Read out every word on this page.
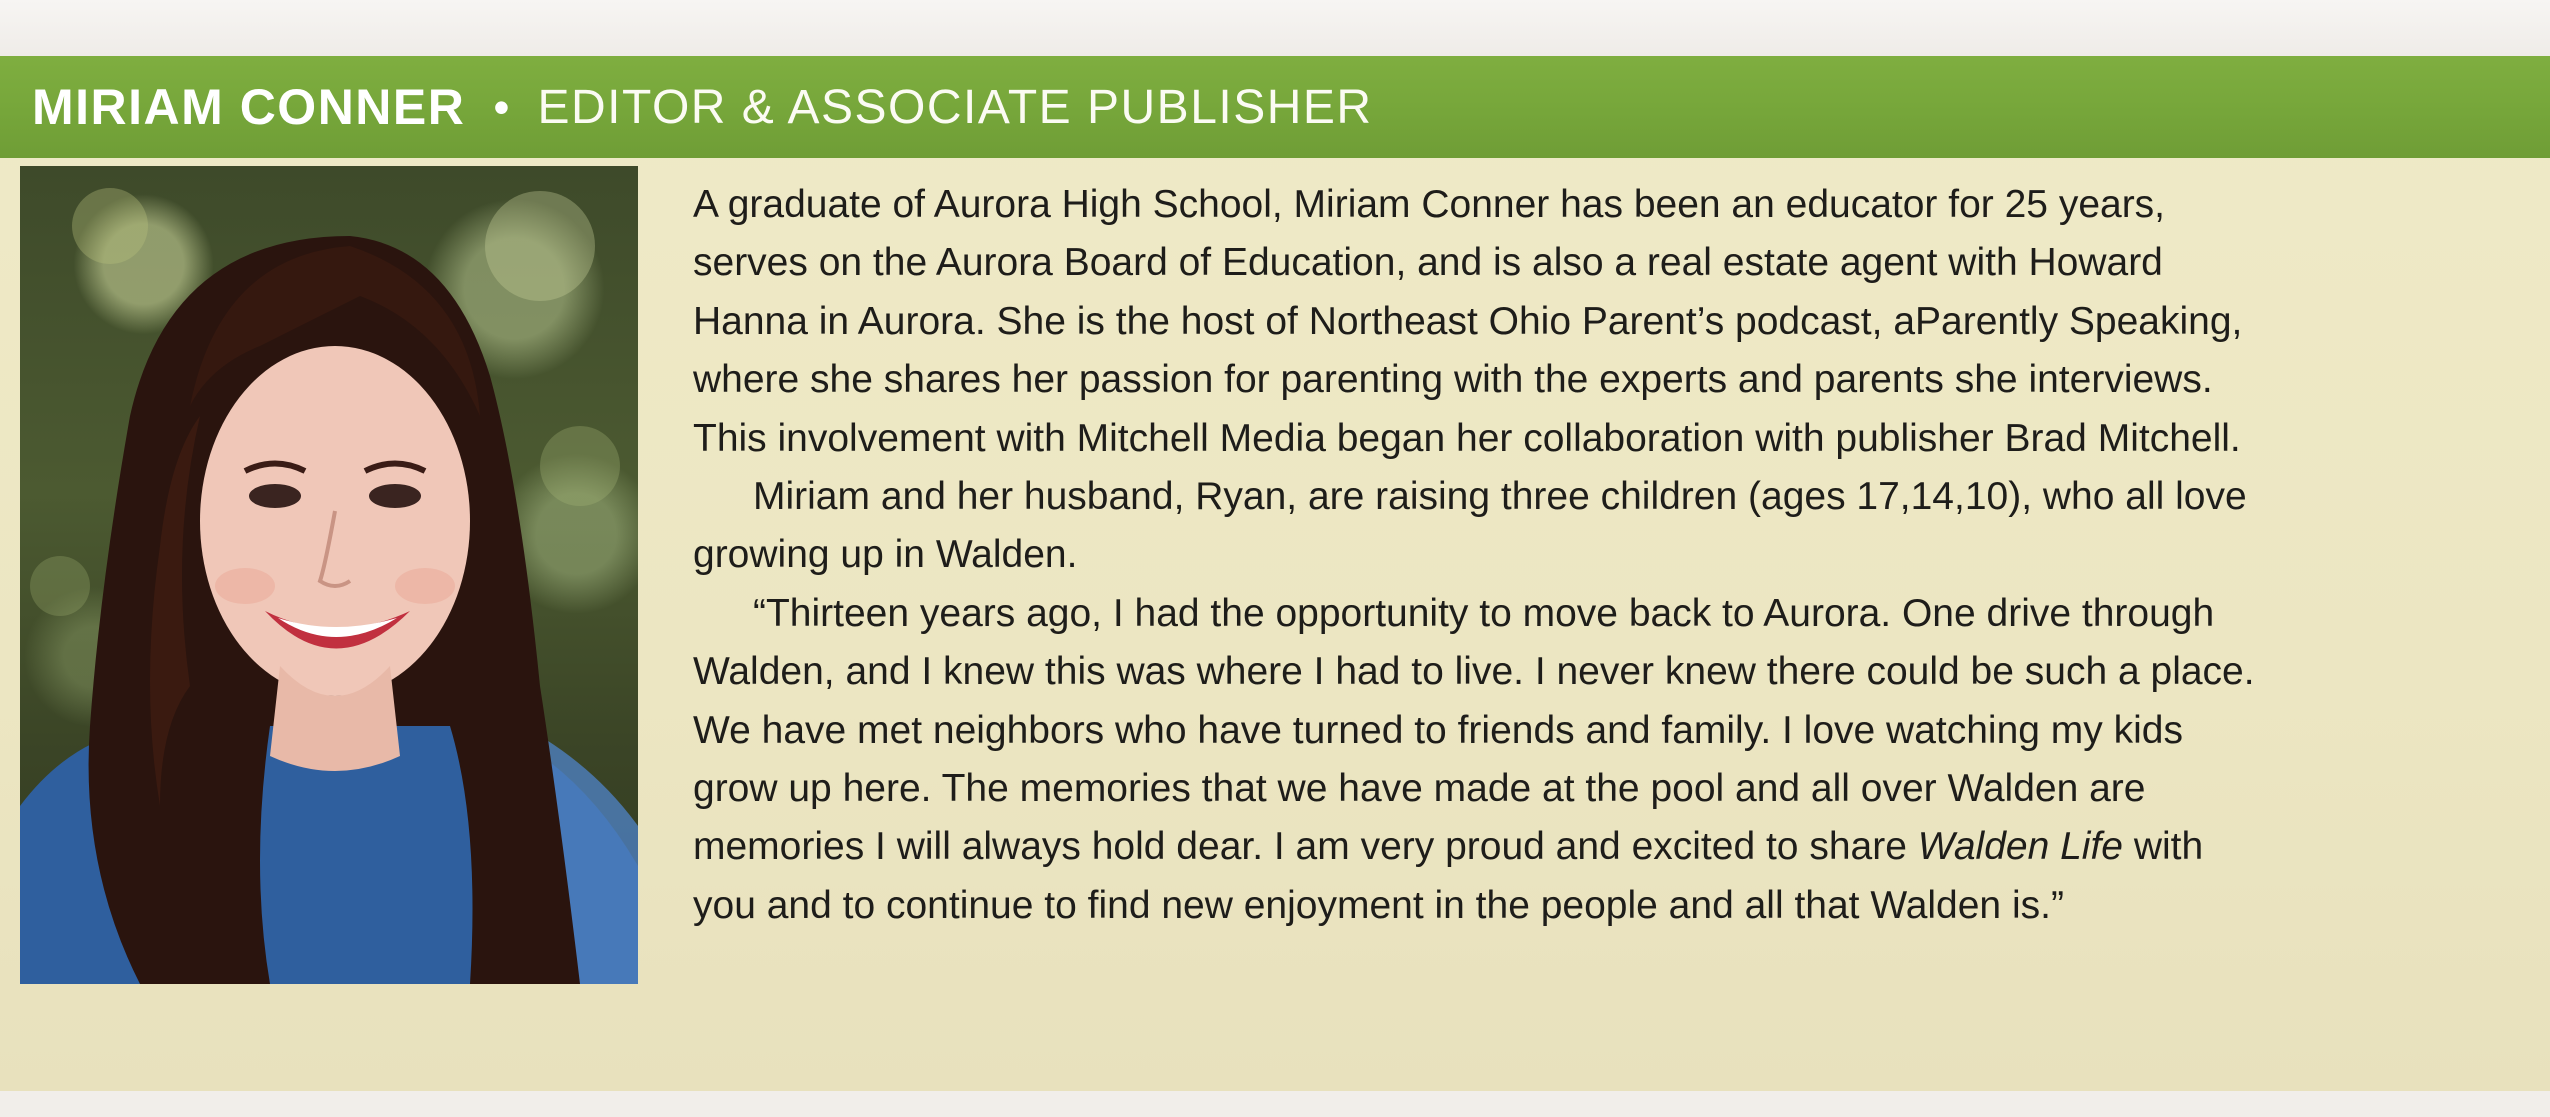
MIRIAM CONNER • EDITOR & ASSOCIATE PUBLISHER

A graduate of Aurora High School, Miriam Conner has been an educator for 25 years,
serves on the Aurora Board of Education, and is also a real estate agent with Howard
Hanna in Aurora. She is the host of Northeast Ohio Parent’s podcast, aParently Speaking,
where she shares her passion for parenting with the experts and parents she interviews.
This involvement with Mitchell Media began her collaboration with publisher Brad Mitchell.

Miriam and her husband, Ryan, are raising three children (ages 17,14,10), who all love
growing up in Walden.

“Thirteen years ago, I had the opportunity to move back to Aurora. One drive through
Walden, and I knew this was where I had to live. I never knew there could be such a place.
We have met neighbors who have turned to friends and family. I love watching my kids
grow up here. The memories that we have made at the pool and all over Walden are
memories I will always hold dear. I am very proud and excited to share Walden Life with
you and to continue to find new enjoyment in the people and all that Walden is.”
